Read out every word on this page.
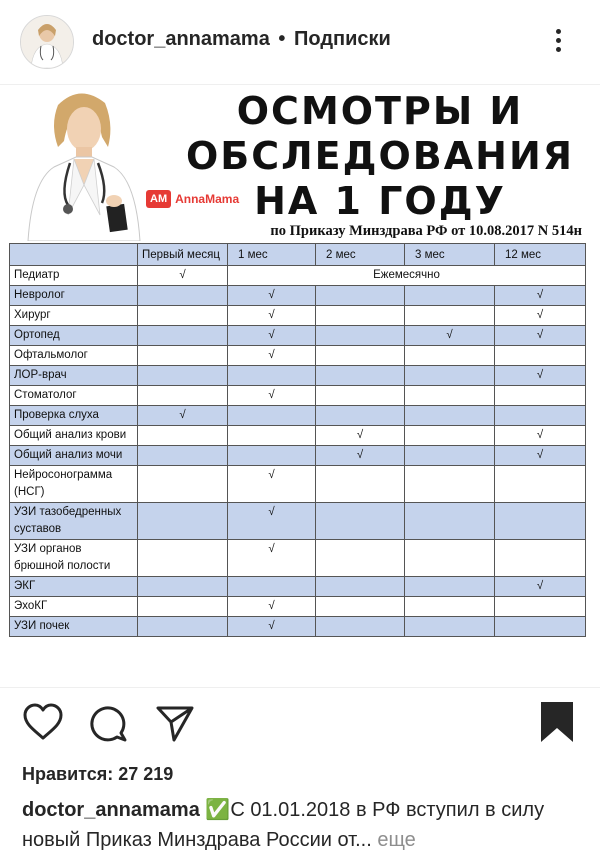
doctor_annamama • Подписки
AM AnnaMama
ОСМОТРЫ И
ОБСЛЕДОВАНИЯ
НА 1 ГОДУ
по Приказу Минздрава РФ от 10.08.2017 N 514н
	Первый месяц	1 мес	2 мес	3 мес	12 мес
Педиатр	√	Ежемесячно			
Невролог		√			√
Хирург		√			√
Ортопед		√		√	√
Офтальмолог		√			
ЛОР-врач					√
Стоматолог		√			
Проверка слуха	√				
Общий анализ крови			√		√
Общий анализ мочи			√		√
Нейросонограмма (НСГ)		√			
УЗИ тазобедренных суставов		√			
УЗИ органов брюшной полости		√			
ЭКГ					√
ЭхоКГ		√			
УЗИ почек		√			
Нравится: 27 219
doctor_annamama ✅С 01.01.2018 в РФ вступил в силу новый Приказ Минздрава России от... еще
